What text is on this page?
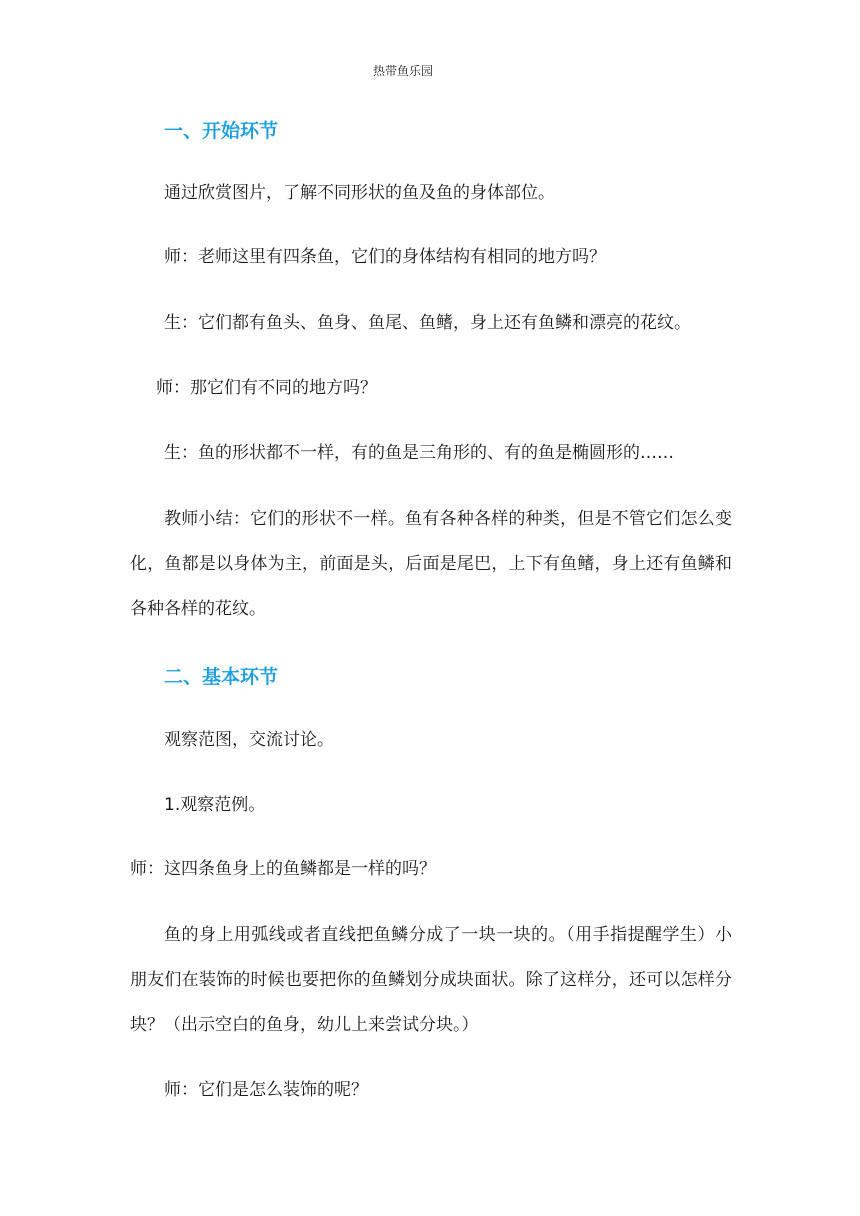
热带鱼乐园
一、开始环节

通过欣赏图片，了解不同形状的鱼及鱼的身体部位。

师：老师这里有四条鱼，它们的身体结构有相同的地方吗？

生：它们都有鱼头、鱼身、鱼尾、鱼鳍，身上还有鱼鳞和漂亮的花纹。

师：那它们有不同的地方吗？

生：鱼的形状都不一样，有的鱼是三角形的、有的鱼是椭圆形的……

教师小结：它们的形状不一样。鱼有各种各样的种类，但是不管它们怎么变
化，鱼都是以身体为主，前面是头，后面是尾巴，上下有鱼鳍，身上还有鱼鳞和
各种各样的花纹。
二、基本环节

观察范图，交流讨论。

1.观察范例。

师：这四条鱼身上的鱼鳞都是一样的吗？

鱼的身上用弧线或者直线把鱼鳞分成了一块一块的。（用手指提醒学生）小
朋友们在装饰的时候也要把你的鱼鳞划分成块面状。除了这样分，还可以怎样分
块？（出示空白的鱼身，幼儿上来尝试分块。）

师：它们是怎么装饰的呢？
